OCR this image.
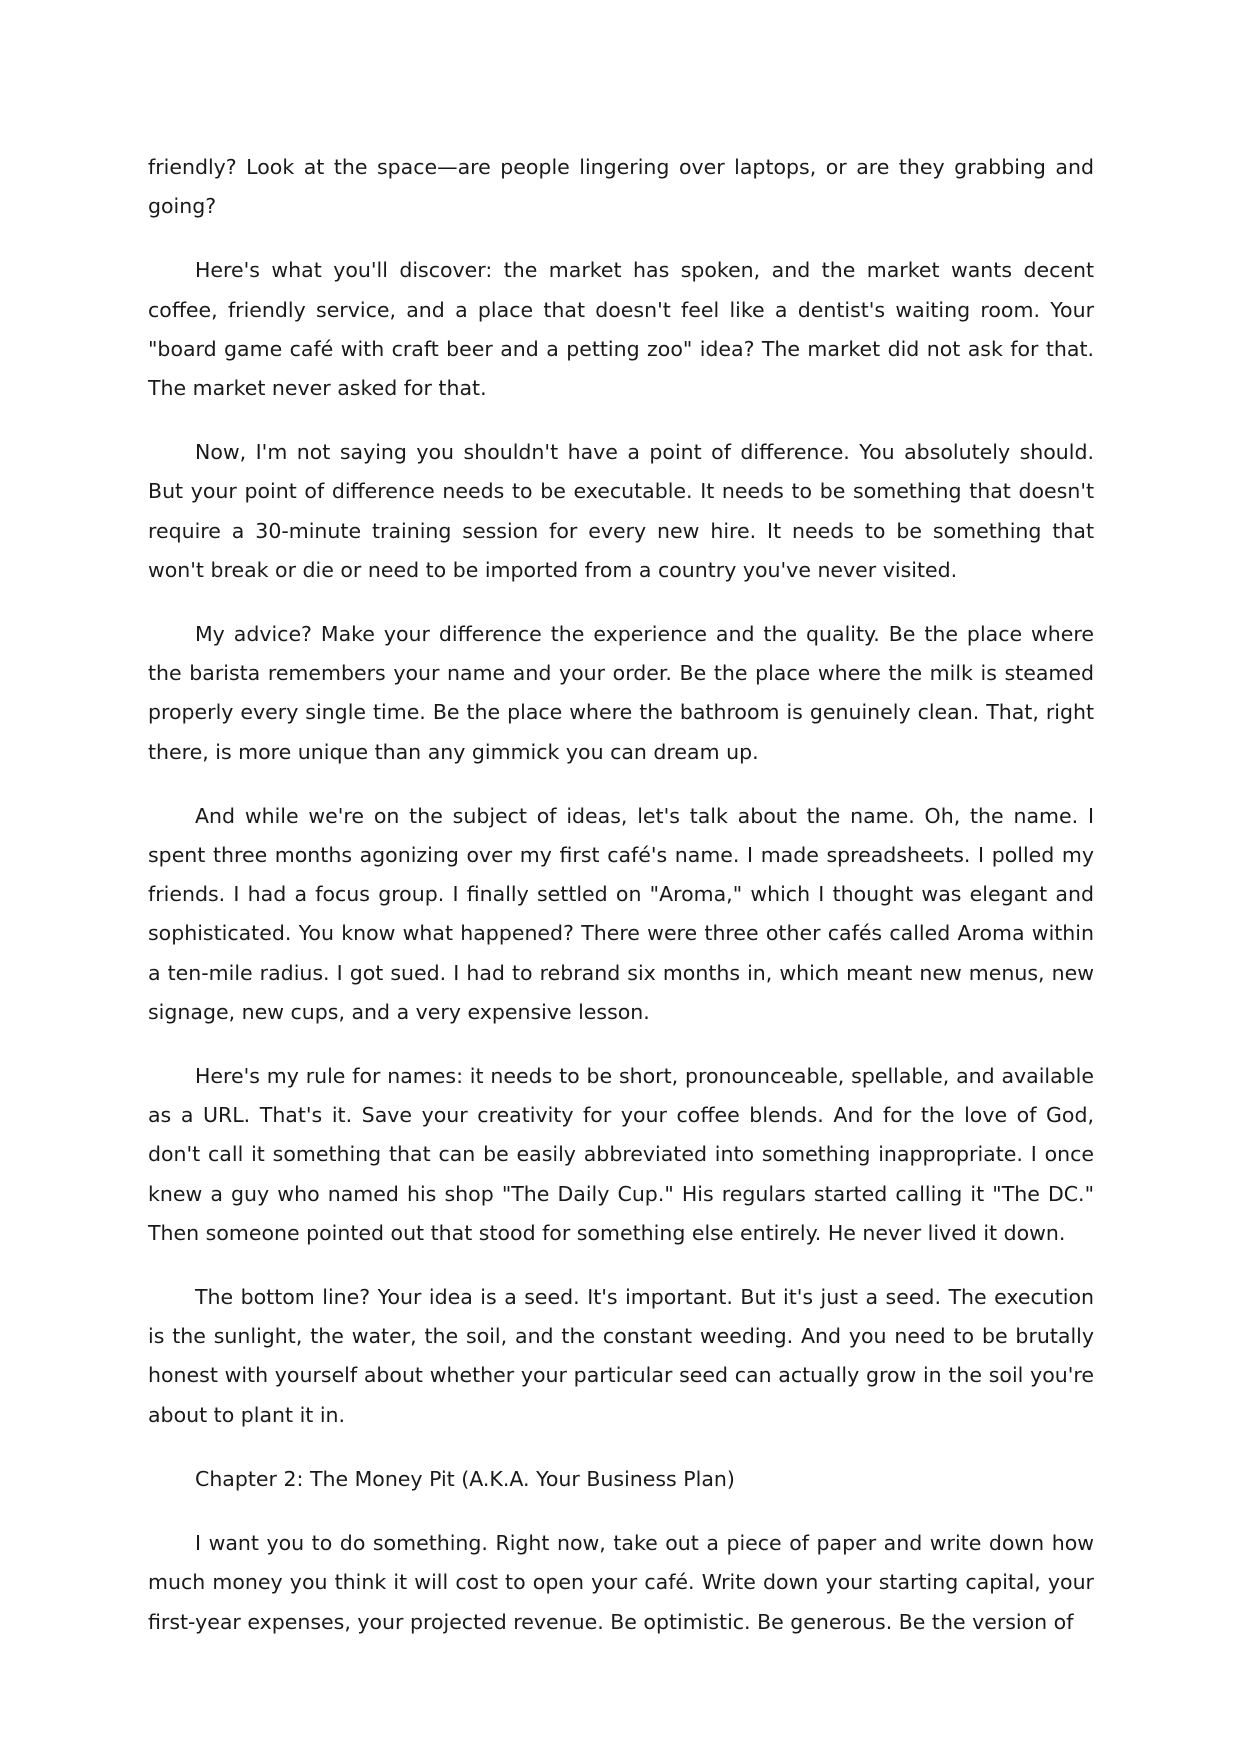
friendly? Look at the space—are people lingering over laptops, or are they grabbing and going?

Here's what you'll discover: the market has spoken, and the market wants decent coffee, friendly service, and a place that doesn't feel like a dentist's waiting room. Your "board game café with craft beer and a petting zoo" idea? The market did not ask for that. The market never asked for that.

Now, I'm not saying you shouldn't have a point of difference. You absolutely should. But your point of difference needs to be executable. It needs to be something that doesn't require a 30-minute training session for every new hire. It needs to be something that won't break or die or need to be imported from a country you've never visited.

My advice? Make your difference the experience and the quality. Be the place where the barista remembers your name and your order. Be the place where the milk is steamed properly every single time. Be the place where the bathroom is genuinely clean. That, right there, is more unique than any gimmick you can dream up.

And while we're on the subject of ideas, let's talk about the name. Oh, the name. I spent three months agonizing over my first café's name. I made spreadsheets. I polled my friends. I had a focus group. I finally settled on "Aroma," which I thought was elegant and sophisticated. You know what happened? There were three other cafés called Aroma within a ten-mile radius. I got sued. I had to rebrand six months in, which meant new menus, new signage, new cups, and a very expensive lesson.

Here's my rule for names: it needs to be short, pronounceable, spellable, and available as a URL. That's it. Save your creativity for your coffee blends. And for the love of God, don't call it something that can be easily abbreviated into something inappropriate. I once knew a guy who named his shop "The Daily Cup." His regulars started calling it "The DC." Then someone pointed out that stood for something else entirely. He never lived it down.

The bottom line? Your idea is a seed. It's important. But it's just a seed. The execution is the sunlight, the water, the soil, and the constant weeding. And you need to be brutally honest with yourself about whether your particular seed can actually grow in the soil you're about to plant it in.

Chapter 2: The Money Pit (A.K.A. Your Business Plan)

I want you to do something. Right now, take out a piece of paper and write down how much money you think it will cost to open your café. Write down your starting capital, your first-year expenses, your projected revenue. Be optimistic. Be generous. Be the version of
